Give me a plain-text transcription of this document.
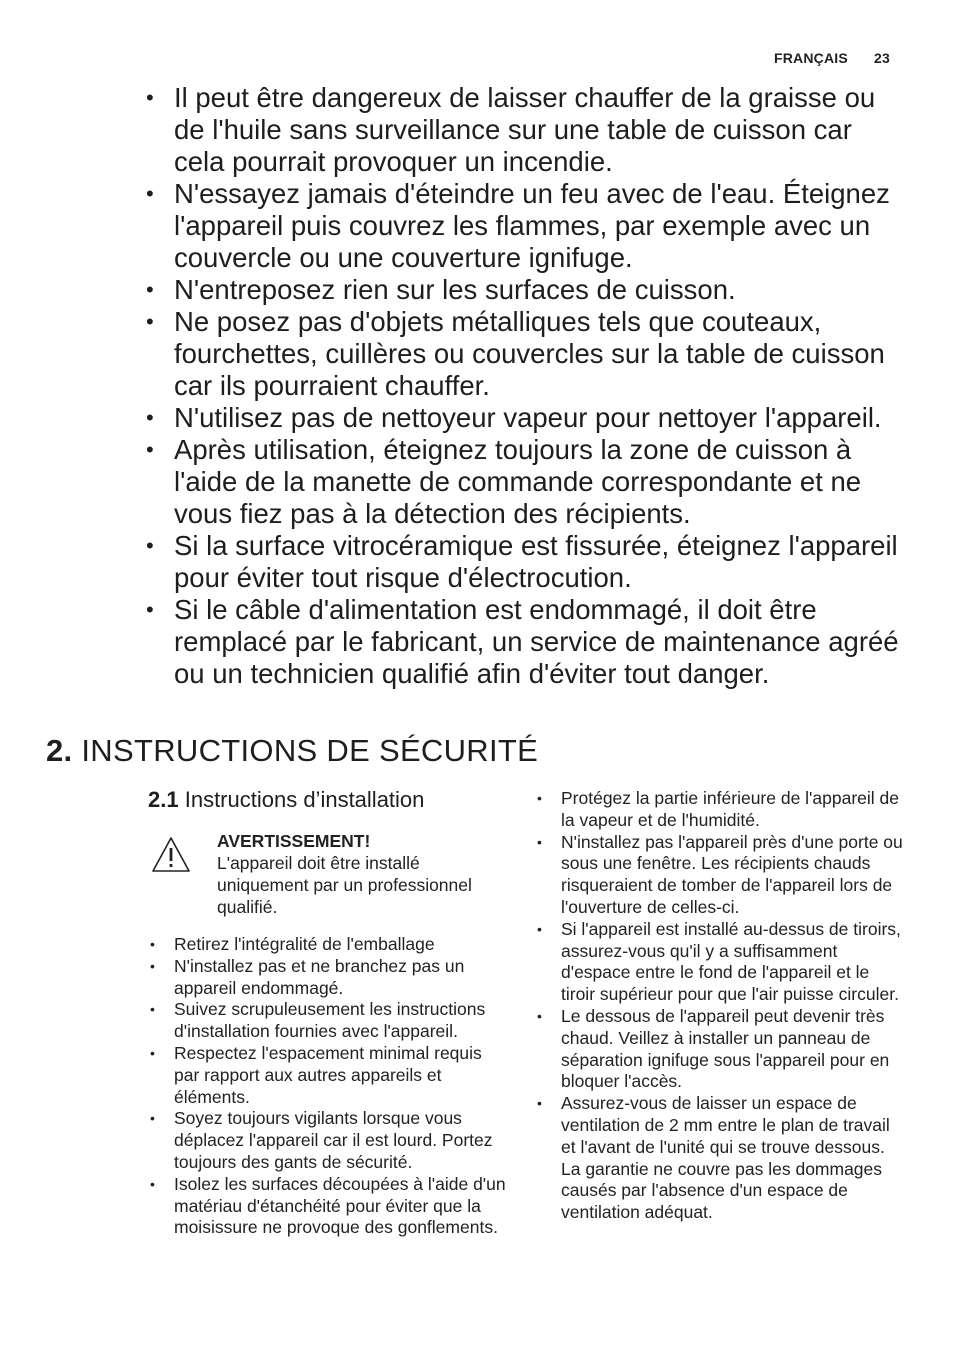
FRANÇAIS 23
• Il peut être dangereux de laisser chauffer de la graisse ou de l'huile sans surveillance sur une table de cuisson car cela pourrait provoquer un incendie.
• N'essayez jamais d'éteindre un feu avec de l'eau. Éteignez l'appareil puis couvrez les flammes, par exemple avec un couvercle ou une couverture ignifuge.
• N'entreposez rien sur les surfaces de cuisson.
• Ne posez pas d'objets métalliques tels que couteaux, fourchettes, cuillères ou couvercles sur la table de cuisson car ils pourraient chauffer.
• N'utilisez pas de nettoyeur vapeur pour nettoyer l'appareil.
• Après utilisation, éteignez toujours la zone de cuisson à l'aide de la manette de commande correspondante et ne vous fiez pas à la détection des récipients.
• Si la surface vitrocéramique est fissurée, éteignez l'appareil pour éviter tout risque d'électrocution.
• Si le câble d'alimentation est endommagé, il doit être remplacé par le fabricant, un service de maintenance agréé ou un technicien qualifié afin d'éviter tout danger.
2. INSTRUCTIONS DE SÉCURITÉ
2.1 Instructions d’installation
AVERTISSEMENT!
L'appareil doit être installé uniquement par un professionnel qualifié.
• Retirez l'intégralité de l'emballage
• N'installez pas et ne branchez pas un appareil endommagé.
• Suivez scrupuleusement les instructions d'installation fournies avec l'appareil.
• Respectez l'espacement minimal requis par rapport aux autres appareils et éléments.
• Soyez toujours vigilants lorsque vous déplacez l'appareil car il est lourd. Portez toujours des gants de sécurité.
• Isolez les surfaces découpées à l'aide d'un matériau d'étanchéité pour éviter que la moisissure ne provoque des gonflements.
• Protégez la partie inférieure de l'appareil de la vapeur et de l'humidité.
• N'installez pas l'appareil près d'une porte ou sous une fenêtre. Les récipients chauds risqueraient de tomber de l'appareil lors de l'ouverture de celles-ci.
• Si l'appareil est installé au-dessus de tiroirs, assurez-vous qu'il y a suffisamment d'espace entre le fond de l'appareil et le tiroir supérieur pour que l'air puisse circuler.
• Le dessous de l'appareil peut devenir très chaud. Veillez à installer un panneau de séparation ignifuge sous l'appareil pour en bloquer l'accès.
• Assurez-vous de laisser un espace de ventilation de 2 mm entre le plan de travail et l'avant de l'unité qui se trouve dessous. La garantie ne couvre pas les dommages causés par l'absence d'un espace de ventilation adéquat.
